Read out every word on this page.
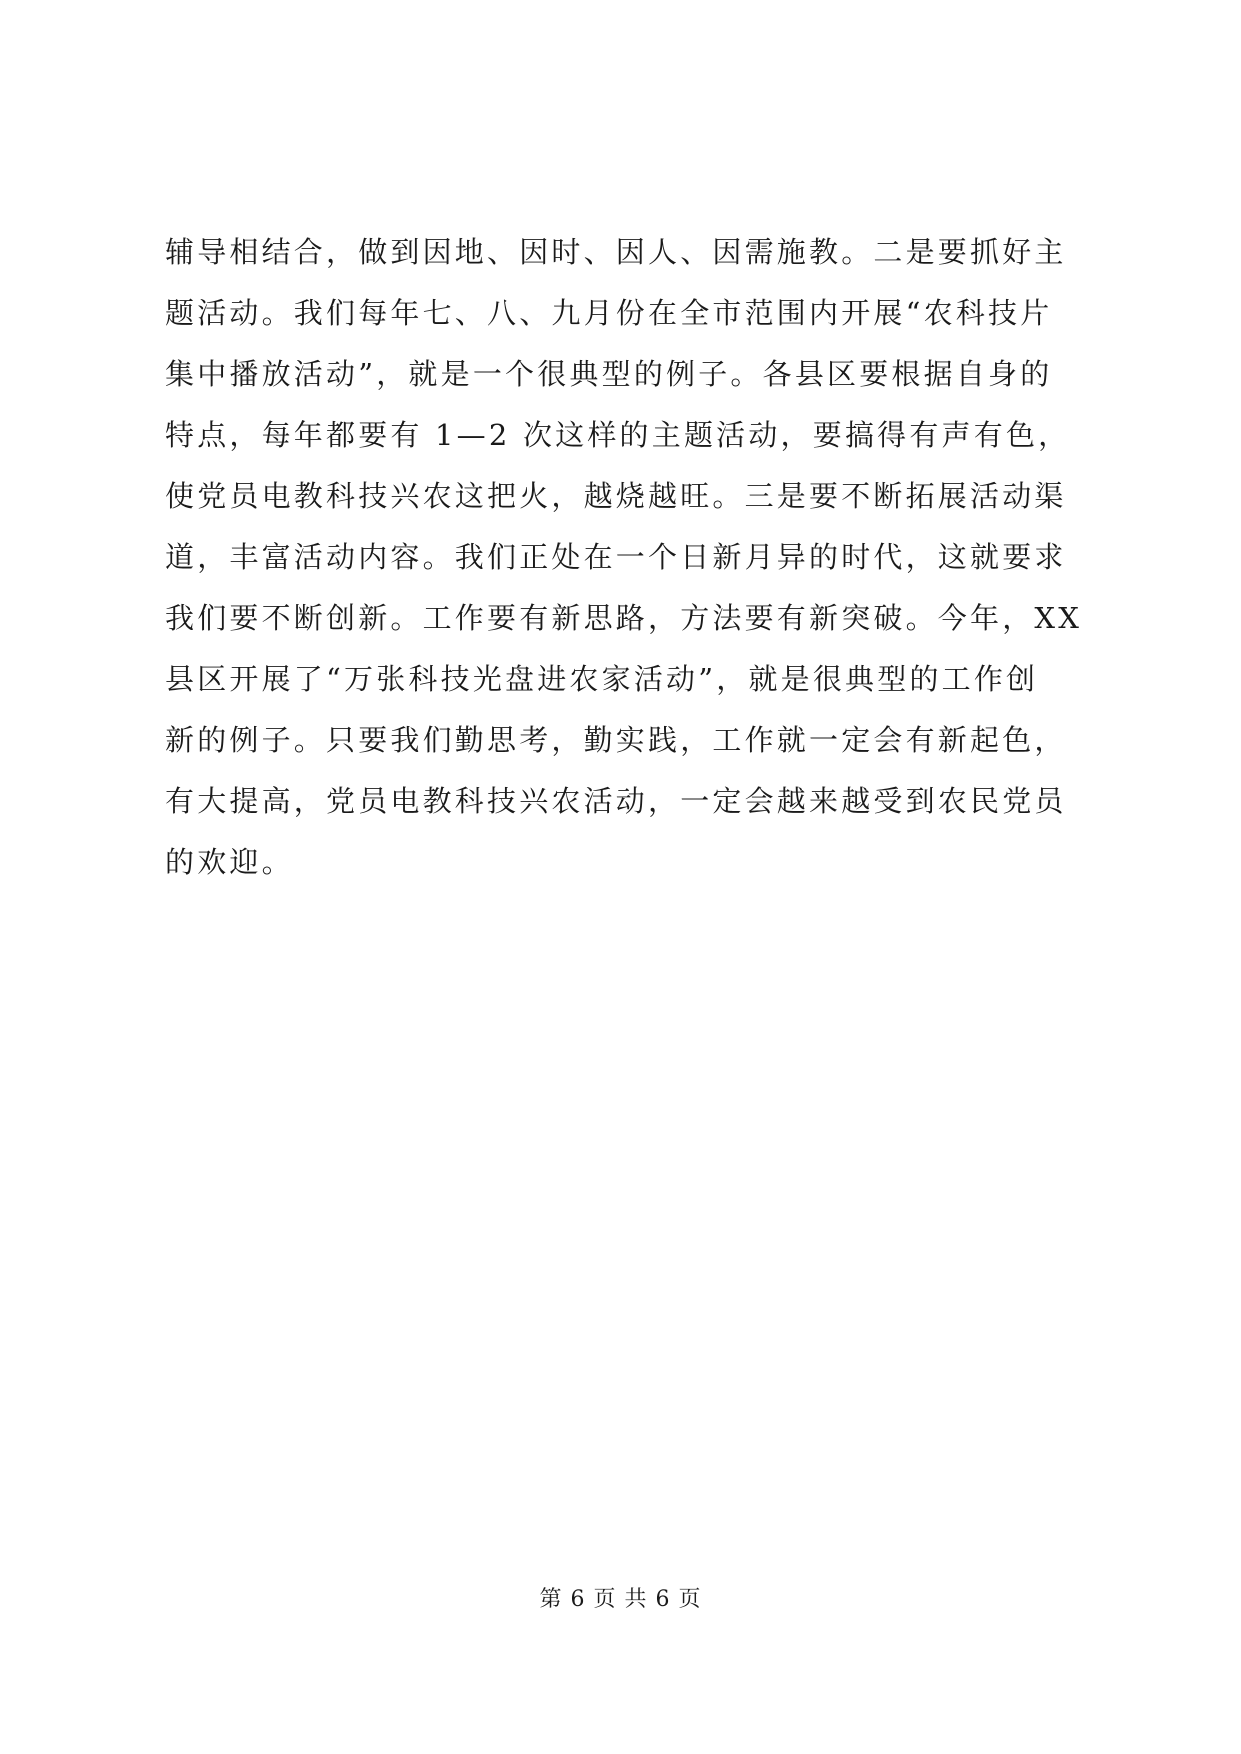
辅导相结合，做到因地、因时、因人、因需施教。二是要抓好主
题活动。我们每年七、八、九月份在全市范围内开展“农科技片
集中播放活动”，就是一个很典型的例子。各县区要根据自身的
特点，每年都要有 1—2 次这样的主题活动，要搞得有声有色，
使党员电教科技兴农这把火，越烧越旺。三是要不断拓展活动渠
道，丰富活动内容。我们正处在一个日新月异的时代，这就要求
我们要不断创新。工作要有新思路，方法要有新突破。今年，XX
县区开展了“万张科技光盘进农家活动”，就是很典型的工作创
新的例子。只要我们勤思考，勤实践，工作就一定会有新起色，
有大提高，党员电教科技兴农活动，一定会越来越受到农民党员
的欢迎。
第 6 页 共 6 页
